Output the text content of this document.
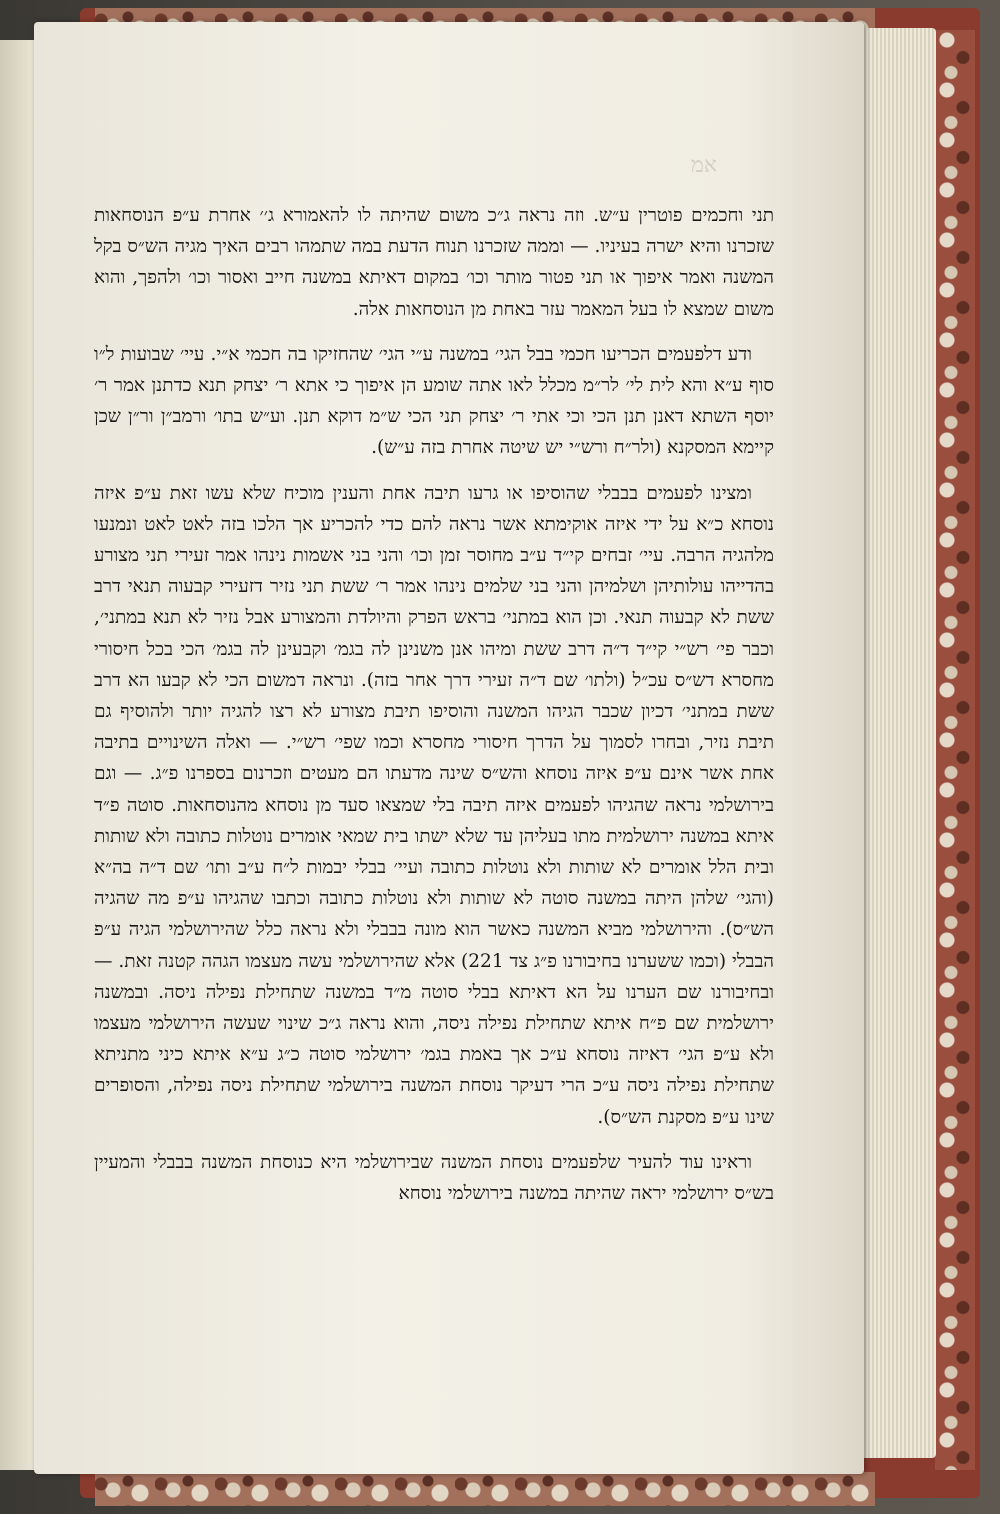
אמ

תני וחכמים פוטרין ע״ש. וזה נראה ג״כ משום שהיתה לו להאמורא ג׳׳ אחרת ע״פ הנוסחאות שזכרנו והיא ישרה בעיניו. — וממה שזכרנו תנוח הדעת במה שתמהו רבים האיך מגיה הש״ס בקל המשנה ואמר איפוך או תני פטור מותר וכו׳ במקום דאיתא במשנה חייב ואסור וכו׳ ולהפך, והוא משום שמצא לו בעל המאמר עזר באחת מן הנוסחאות אלה.

ודע דלפעמים הכריעו חכמי בבל הגי׳ במשנה ע״י הגי׳ שהחזיקו בה חכמי א״י. עיי׳ שבועות ל״ו סוף ע״א והא לית לי׳ לר״מ מכלל לאו אתה שומע הן איפוך כי אתא ר׳ יצחק תנא כדתנן אמר ר׳ יוסף השתא דאנן תנן הכי וכי אתי ר׳ יצחק תני הכי ש״מ דוקא תנן. וע״ש בתו׳ ורמב״ן ור״ן שכן קיימא המסקנא (ולר״ח ורש״י יש שיטה אחרת בזה ע״ש).

ומצינו לפעמים בבבלי שהוסיפו או גרעו תיבה אחת והענין מוכיח שלא עשו זאת ע״פ איזה נוסחא כ״א על ידי איזה אוקימתא אשר נראה להם כדי להכריע אך הלכו בזה לאט לאט ונמנעו מלהגיה הרבה. עיי׳ זבחים קי״ד ע״ב מחוסר זמן וכו׳ והני בני אשמות נינהו אמר זעירי תני מצורע בהדייהו עולותיהן ושלמיהן והני בני שלמים נינהו אמר ר׳ ששת תני נזיר דזעירי קבעוה תנאי דרב ששת לא קבעוה תנאי. וכן הוא במתני׳ בראש הפרק והיולדת והמצורע אבל נזיר לא תנא במתני׳, וכבר פי׳ רש״י קי״ד ד״ה דרב ששת ומיהו אנן משנינן לה בגמ׳ וקבעינן לה בגמ׳ הכי בכל חיסורי מחסרא דש״ס עכ״ל (ולתו׳ שם ד״ה זעירי דרך אחר בזה). ונראה דמשום הכי לא קבעו הא דרב ששת במתני׳ דכיון שכבר הגיהו המשנה והוסיפו תיבת מצורע לא רצו להגיה יותר ולהוסיף גם תיבת נזיר, ובחרו לסמוך על הדרך חיסורי מחסרא וכמו שפי׳ רש״י. — ואלה השינויים בתיבה אחת אשר אינם ע״פ איזה נוסחא והש״ס שינה מדעתו הם מעטים וזכרנום בספרנו פ״ג. — וגם בירושלמי נראה שהגיהו לפעמים איזה תיבה בלי שמצאו סעד מן נוסחא מהנוסחאות. סוטה פ״ד איתא במשנה ירושלמית מתו בעליהן עד שלא ישתו בית שמאי אומרים נוטלות כתובה ולא שותות ובית הלל אומרים לא שותות ולא נוטלות כתובה ועיי׳ בבלי יבמות ל״ח ע״ב ותו׳ שם ד״ה בה״א (והגי׳ שלהן היתה במשנה סוטה לא שותות ולא נוטלות כתובה וכתבו שהגיהו ע״פ מה שהגיה הש״ס). והירושלמי מביא המשנה כאשר הוא מונה בבבלי ולא נראה כלל שהירושלמי הגיה ע״פ הבבלי (וכמו ששערנו בחיבורנו פ״ג צד 221) אלא שהירושלמי עשה מעצמו הגהה קטנה זאת. — ובחיבורנו שם הערנו על הא דאיתא בבלי סוטה מ״ד במשנה שתחילת נפילה ניסה. ובמשנה ירושלמית שם פ״ח איתא שתחילת נפילה ניסה, והוא נראה ג״כ שינוי שעשה הירושלמי מעצמו ולא ע״פ הגי׳ דאיזה נוסחא ע״כ אך באמת בגמ׳ ירושלמי סוטה כ״ג ע״א איתא כיני מתניתא שתחילת נפילה ניסה ע״כ הרי דעיקר נוסחת המשנה בירושלמי שתחילת ניסה נפילה, והסופרים שינו ע״פ מסקנת הש״ס).

וראינו עוד להעיר שלפעמים נוסחת המשנה שבירושלמי היא כנוסחת המשנה בבבלי והמעיין בש״ס ירושלמי יראה שהיתה במשנה בירושלמי נוסחא
